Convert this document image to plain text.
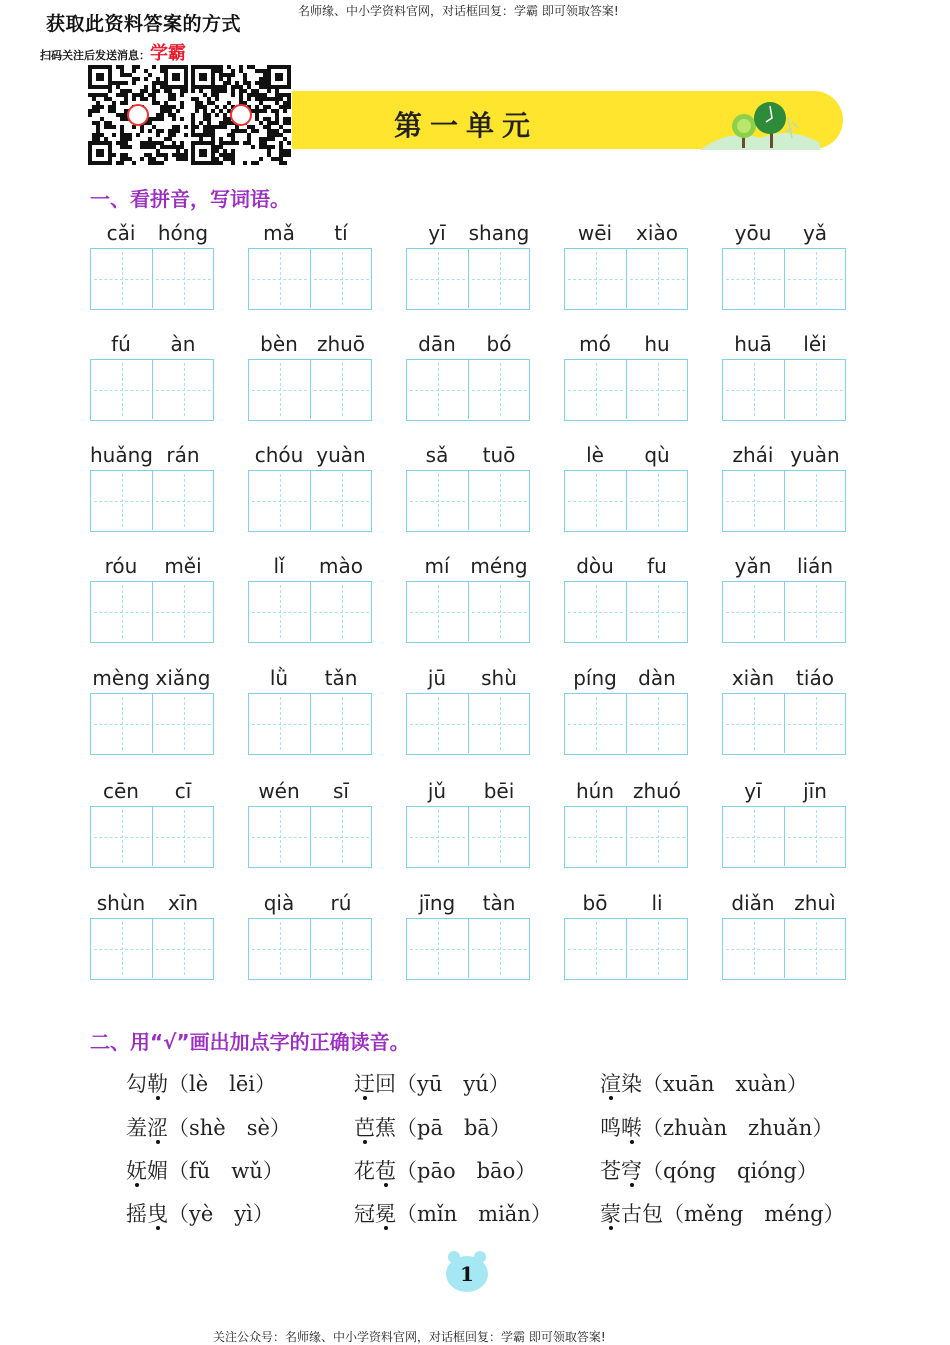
获取此资料答案的方式
扫码关注后发送消息：学霸
名师缘、中小学资料官网，对话框回复：学霸 即可领取答案!
第一单元
一、看拼音，写词语。
cǎi	hóng	mǎ	tí	yī	shang	wēi	xiào	yōu	yǎ
fú	àn	bèn zhuō	dān	bó	mó	hu	huā	lěi
huǎng rán	chóu yuàn	sǎ	tuō	lè	qù	zhái yuàn
róu	měi	lǐ	mào	mí	méng	dòu	fu	yǎn	lián
mèng xiǎng	lǜ	tǎn	jū	shù	píng	dàn	xiàn	tiáo
cēn	cī	wén	sī	jǔ	bēi	hún zhuó	yī	jīn
shùn	xīn	qià	rú	jīng	tàn	bō	li	diǎn zhuì
二、用“√”画出加点字的正确读音。
勾勒（lè　lēi）	迂回（yū　yú）	渲染（xuān　xuàn）
羞涩（shè　sè）	芭蕉（pā　bā）	鸣啭（zhuàn　zhuǎn）
妩媚（fǔ　wǔ）	花苞（pāo　bāo）	苍穹（qóng　qióng）
摇曳（yè　yì）	冠冕（mǐn　miǎn） 蒙古包（měng　méng）
1
关注公众号：名师缘、中小学资料官网，对话框回复：学霸 即可领取答案!
